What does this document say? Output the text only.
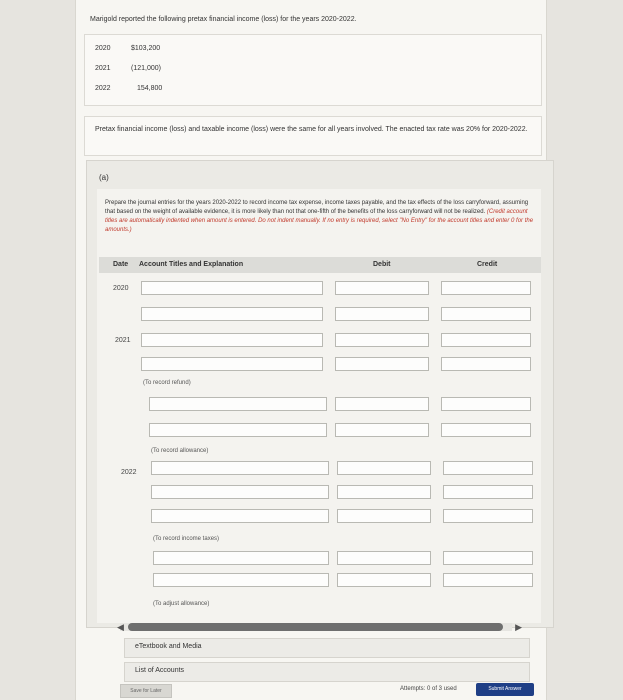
Marigold reported the following pretax financial income (loss) for the years 2020-2022.
2020	$103,200
2021	(121,000)
2022	154,800
Pretax financial income (loss) and taxable income (loss) were the same for all years involved. The enacted tax rate was 20% for 2020-2022.
(a)
Prepare the journal entries for the years 2020-2022 to record income tax expense, income taxes payable, and the tax effects of the loss carryforward, assuming that based on the weight of available evidence, it is more likely than not that one-fifth of the benefits of the loss carryforward will not be realized. (Credit account titles are automatically indented when amount is entered. Do not indent manually. If no entry is required, select "No Entry" for the account titles and enter 0 for the amounts.)
Date Account Titles and Explanation	Debit	Credit
2020
2021
(To record refund)
(To record allowance)
2022
(To record income taxes)
(To adjust allowance)
◀	▶
eTextbook and Media
List of Accounts
Save for Later	Attempts: 0 of 3 used	Submit Answer
